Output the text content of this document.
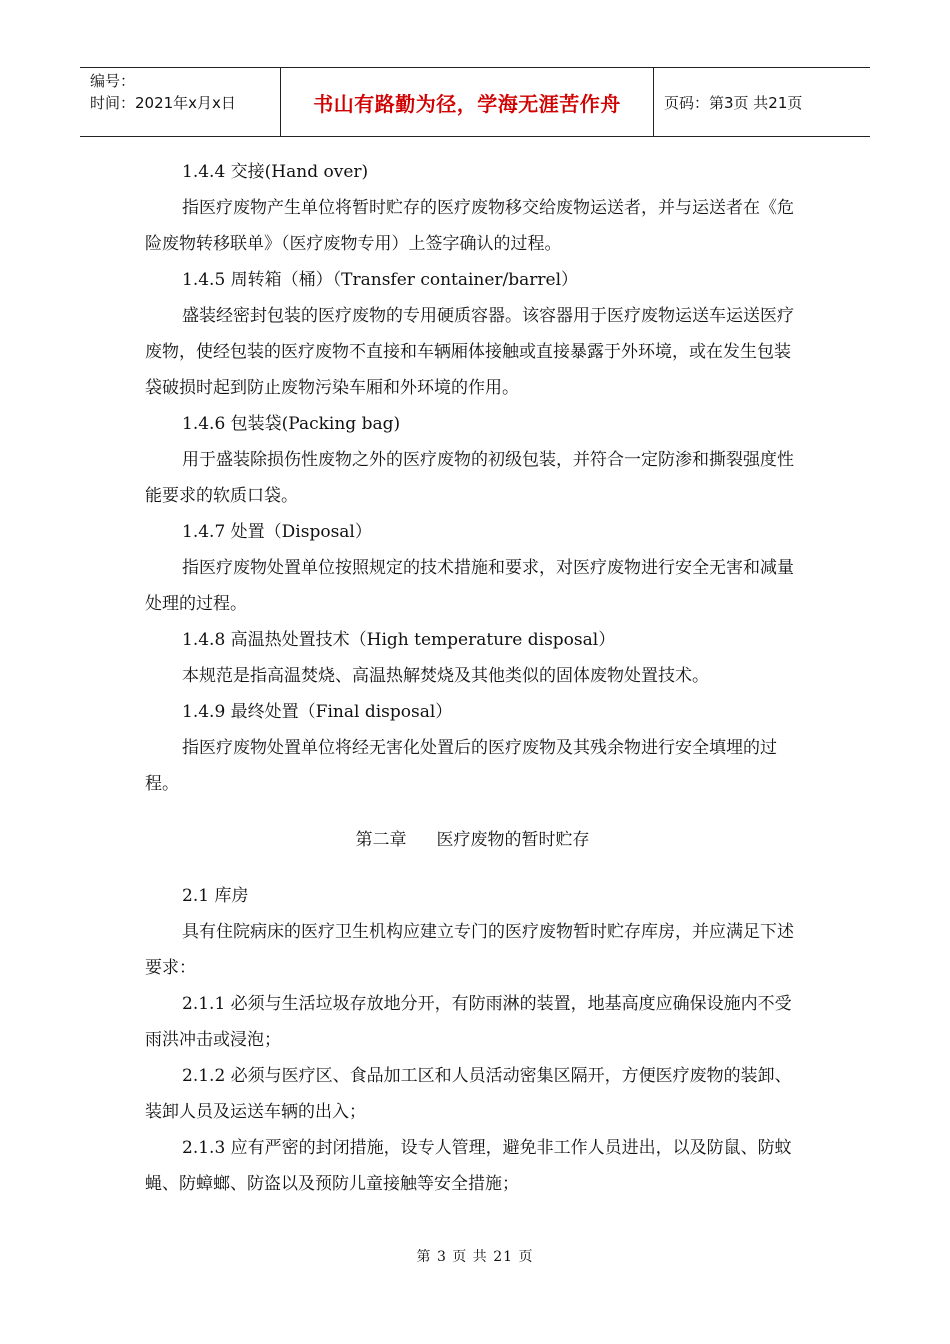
编号：
时间：2021年x月x日	书山有路勤为径，学海无涯苦作舟	页码：第3页 共21页

1.4.4 交接(Hand over)

指医疗废物产生单位将暂时贮存的医疗废物移交给废物运送者，并与运送者在《危险废物转移联单》（医疗废物专用）上签字确认的过程。

1.4.5 周转箱（桶）（Transfer container/barrel）

盛装经密封包装的医疗废物的专用硬质容器。该容器用于医疗废物运送车运送医疗废物，使经包装的医疗废物不直接和车辆厢体接触或直接暴露于外环境，或在发生包装袋破损时起到防止废物污染车厢和外环境的作用。

1.4.6 包装袋(Packing bag)

用于盛装除损伤性废物之外的医疗废物的初级包装，并符合一定防渗和撕裂强度性能要求的软质口袋。

1.4.7 处置（Disposal）

指医疗废物处置单位按照规定的技术措施和要求，对医疗废物进行安全无害和减量处理的过程。

1.4.8 高温热处置技术（High temperature disposal）

本规范是指高温焚烧、高温热解焚烧及其他类似的固体废物处置技术。

1.4.9 最终处置（Final disposal）

指医疗废物处置单位将经无害化处置后的医疗废物及其残余物进行安全填埋的过程。

第二章 医疗废物的暂时贮存

2.1 库房

具有住院病床的医疗卫生机构应建立专门的医疗废物暂时贮存库房，并应满足下述要求：

2.1.1 必须与生活垃圾存放地分开，有防雨淋的装置，地基高度应确保设施内不受雨洪冲击或浸泡；

2.1.2 必须与医疗区、食品加工区和人员活动密集区隔开，方便医疗废物的装卸、装卸人员及运送车辆的出入；

2.1.3 应有严密的封闭措施，设专人管理，避免非工作人员进出，以及防鼠、防蚊蝇、防蟑螂、防盗以及预防儿童接触等安全措施；

第 3 页 共 21 页
